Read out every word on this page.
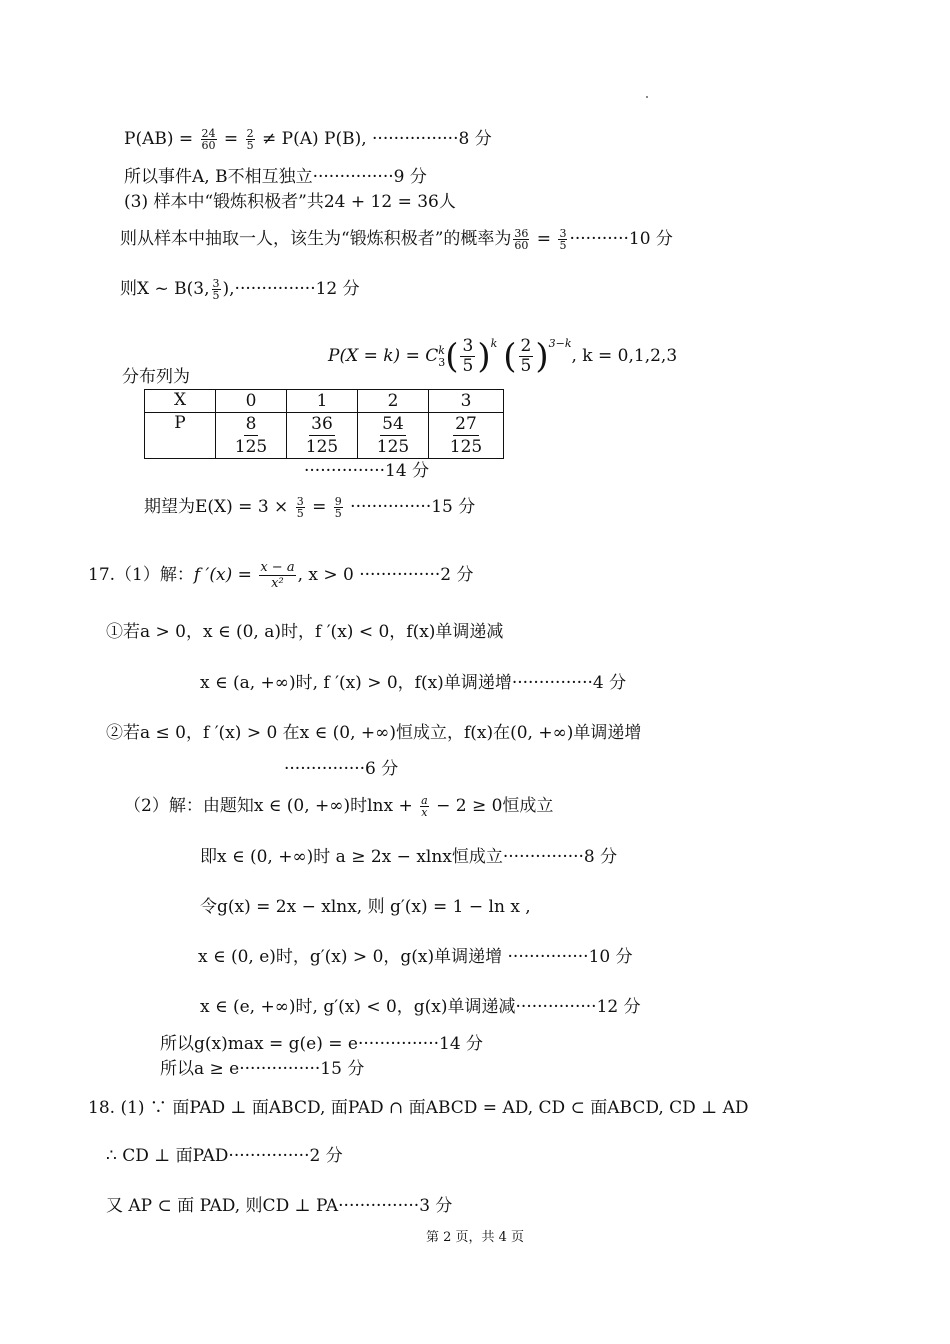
$P(AB) = \frac{24}{60} = \frac{2}{5} \ne P(A)$ P(B), ················8 分
所以事件A, B不相互独立···············9 分
(3) 样本中“锻炼积极者”共24 + 12 = 36人
则从样本中抽取一人，该生为“锻炼积极者”的概率为 $\frac{36}{60} = \frac{3}{5} \cdot\cdot\cdot\cdot\cdot\cdot\cdot\cdot\cdot\cdot\cdot 10$ 分
则X ~ B(3, $\frac{3}{5} ),\cdot\cdot\cdot\cdot\cdot\cdot\cdot\cdot\cdot\cdot\cdot\cdot\cdot\cdot\cdot 12$ 分
P(X = k) = C k
3 ( $\frac{3}{5} )^k$ ( $\frac{2}{5} )^{3-k}$, k = 0,1,2,3
分布列为
X	0	1	2	3
P	$\frac{8}{125}$	$\frac{36}{125}$	$\frac{54}{125}$	$\frac{27}{125}$
···············14 分
期望为$E(X) = 3 \times \frac{3}{5} = \frac{9}{5} \cdot\cdot\cdot\cdot\cdot\cdot\cdot\cdot\cdot\cdot\cdot\cdot\cdot\cdot\cdot 15$ 分
17.（1）解：f $'(x) = \frac{x - a}{\text{x²}}$ , x > 0 ···············2 分
①若a > 0，x ∈ (0, a)时，f ′(x) < 0，f(x)单调递减
x ∈ (a, +∞)时, f ′(x) > 0，f(x)单调递增···············4 分
②若a ≤ 0，f ′(x) > 0 在x ∈ (0, +∞)恒成立，f(x)在(0, +∞)单调递增
···············6 分
（2）解：由题知x ∈ (0, +∞)时$\ln x + \frac{a}{x} - 2 \ge 0$恒成立
即x ∈ (0, +∞)时 a ≥ 2x − xlnx恒成立···············8 分
令g(x) = 2x − xlnx, 则 g′(x) = 1 − ln x ,
x ∈ (0, e)时，g′(x) > 0，g(x)单调递增 ···············10 分
x ∈ (e, +∞)时, g′(x) < 0，g(x)单调递减···············12 分
所以g(x)max = g(e) = e···············14 分
所以a ≥ e···············15 分
18. (1) ∵ 面PAD ⊥ 面ABCD, 面PAD ∩ 面ABCD = AD, CD ⊂ 面ABCD, CD ⊥ AD
∴ CD ⊥ 面PAD···············2 分
又 AP ⊂ 面 PAD, 则CD ⊥ PA···············3 分
第 2 页，共 4 页
